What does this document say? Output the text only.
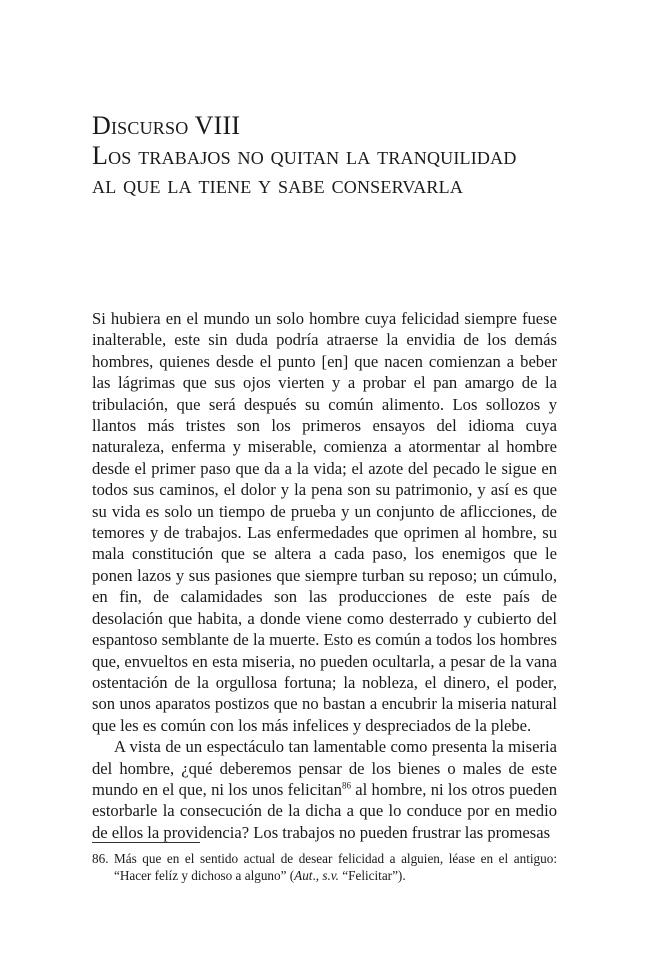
Discurso VIII
Los trabajos no quitan la tranquilidad
al que la tiene y sabe conservarla

Si hubiera en el mundo un solo hombre cuya felicidad siempre fuese inalterable, este sin duda podría atraerse la envidia de los demás hombres, quienes desde el punto [en] que nacen comienzan a beber las lágrimas que sus ojos vierten y a probar el pan amargo de la tribulación, que será después su común alimento. Los sollozos y llantos más tristes son los primeros ensayos del idioma cuya naturaleza, enferma y miserable, comienza a atormentar al hombre desde el primer paso que da a la vida; el azote del pecado le sigue en todos sus caminos, el dolor y la pena son su patrimonio, y así es que su vida es solo un tiempo de prueba y un conjunto de aflicciones, de temores y de trabajos. Las enfermedades que oprimen al hombre, su mala constitución que se altera a cada paso, los enemigos que le ponen lazos y sus pasiones que siempre turban su reposo; un cúmulo, en fin, de calamidades son las producciones de este país de desolación que habita, a donde viene como desterrado y cubierto del espantoso semblante de la muerte. Esto es común a todos los hombres que, envueltos en esta miseria, no pueden ocultarla, a pesar de la vana ostentación de la orgullosa fortuna; la nobleza, el dinero, el poder, son unos aparatos postizos que no bastan a encubrir la miseria natural que les es común con los más infelices y despreciados de la plebe.

A vista de un espectáculo tan lamentable como presenta la miseria del hombre, ¿qué deberemos pensar de los bienes o males de este mundo en el que, ni los unos felicitan$^{86}$ al hombre, ni los otros pueden estorbarle la consecución de la dicha a que lo conduce por en medio de ellos la providencia? Los trabajos no pueden frustrar las promesas

86. Más que en el sentido actual de desear felicidad a alguien, léase en el antiguo: “Hacer felíz y dichoso a alguno” (Aut., s.v. “Felicitar”).
